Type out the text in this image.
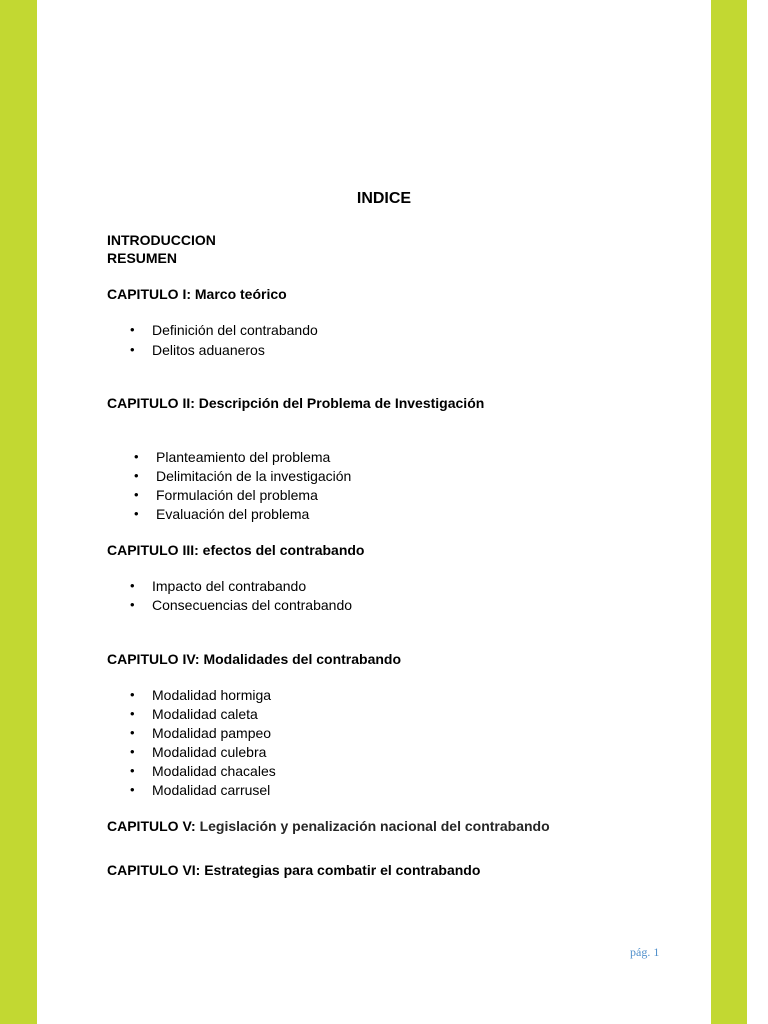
INDICE
INTRODUCCION
RESUMEN
CAPITULO I: Marco teórico
• Definición del contrabando
• Delitos aduaneros
CAPITULO II: Descripción del Problema de Investigación
• Planteamiento del problema
• Delimitación de la investigación
• Formulación del problema
• Evaluación del problema
CAPITULO III: efectos del contrabando
• Impacto del contrabando
• Consecuencias del contrabando
CAPITULO IV: Modalidades del contrabando
• Modalidad hormiga
• Modalidad caleta
• Modalidad pampeo
• Modalidad culebra
• Modalidad chacales
• Modalidad carrusel
CAPITULO V: Legislación y penalización nacional del contrabando
CAPITULO VI: Estrategias para combatir el contrabando
pág. 1
